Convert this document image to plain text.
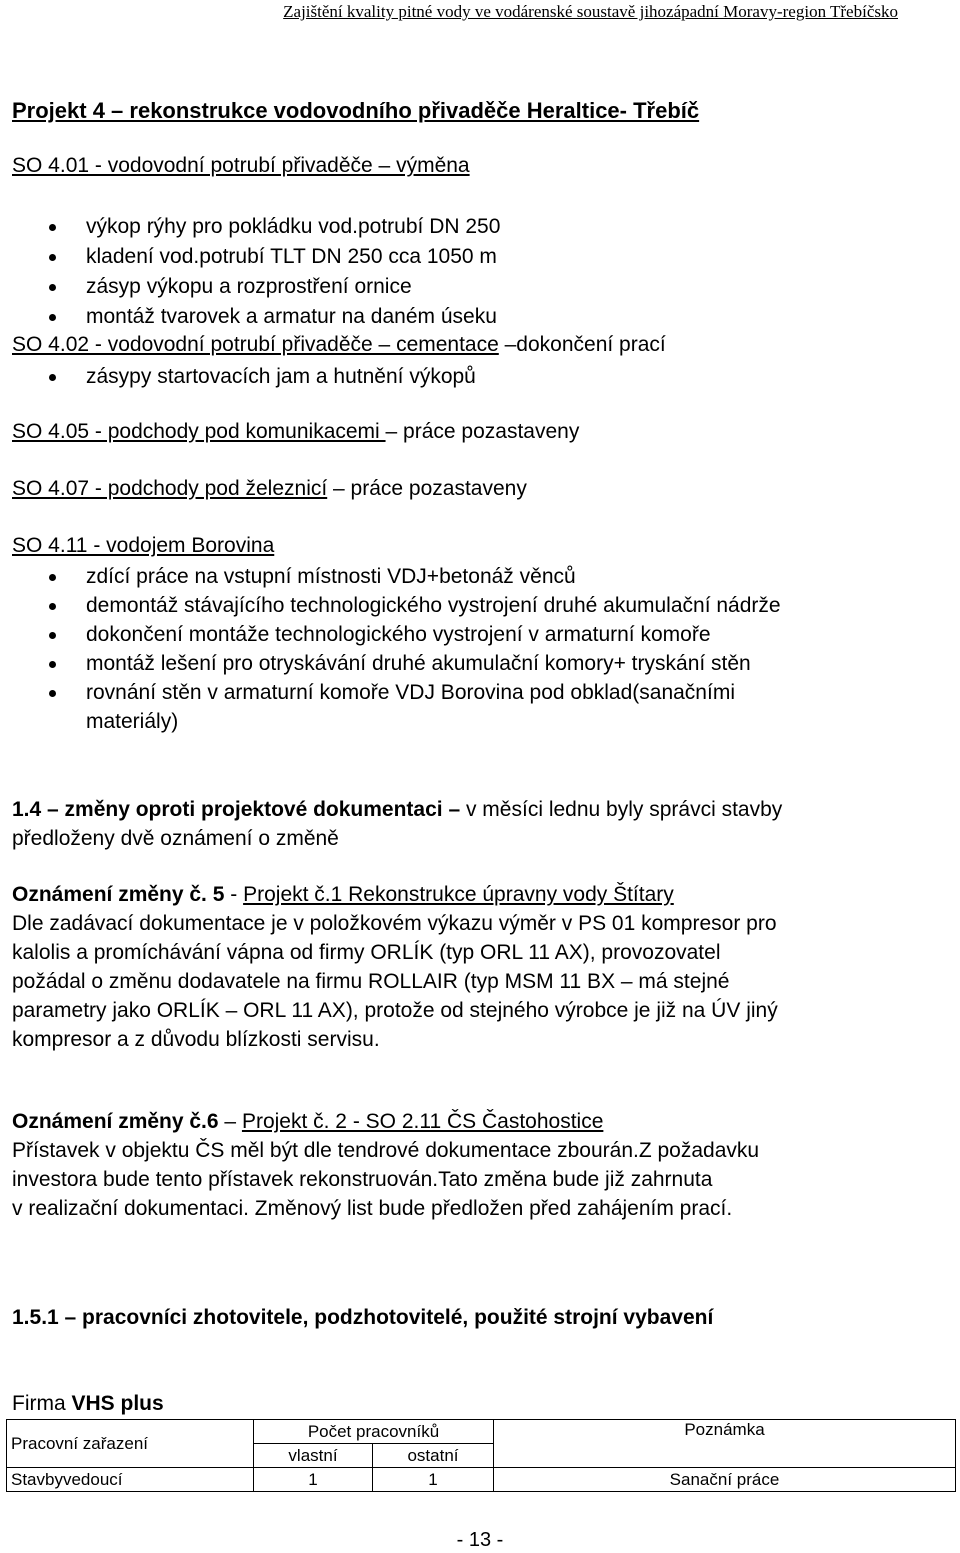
Zajištění kvality pitné vody ve vodárenské soustavě jihozápadní Moravy-region Třebíčsko
Projekt 4 – rekonstrukce vodovodního přivaděče Heraltice- Třebíč
SO 4.01 - vodovodní potrubí přivaděče – výměna
výkop rýhy pro pokládku vod.potrubí DN 250
kladení vod.potrubí TLT DN 250 cca 1050 m
zásyp výkopu a rozprostření ornice
montáž tvarovek a armatur na daném úseku
SO 4.02 - vodovodní potrubí přivaděče – cementace –dokončení prací
zásypy startovacích jam a hutnění výkopů
SO 4.05 - podchody pod komunikacemi – práce pozastaveny
SO 4.07 - podchody pod železnicí – práce pozastaveny
SO 4.11 - vodojem Borovina
zdící práce na vstupní místnosti VDJ+betonáž věnců
demontáž stávajícího technologického vystrojení druhé akumulační nádrže
dokončení montáže technologického vystrojení v armaturní komoře
montáž lešení pro otryskávání druhé akumulační komory+ tryskání stěn
rovnání stěn v armaturní komoře VDJ Borovina pod obklad(sanačními
materiály)
1.4 – změny oproti projektové dokumentaci – v měsíci lednu byly správci stavby
předloženy dvě oznámení o změně
Oznámení změny č. 5 - Projekt č.1 Rekonstrukce úpravny vody Štítary
Dle zadávací dokumentace je v položkovém výkazu výměr v PS 01 kompresor pro
kalolis a promíchávání vápna od firmy ORLÍK (typ ORL 11 AX), provozovatel
požádal o změnu dodavatele na firmu ROLLAIR (typ MSM 11 BX – má stejné
parametry jako ORLÍK – ORL 11 AX), protože od stejného výrobce je již na ÚV jiný
kompresor a z důvodu blízkosti servisu.
Oznámení změny č.6 – Projekt č. 2 - SO 2.11 ČS Častohostice
Přístavek v objektu ČS měl být dle tendrové dokumentace zbourán.Z požadavku
investora bude tento přístavek rekonstruován.Tato změna bude již zahrnuta
v realizační dokumentaci. Změnový list bude předložen před zahájením prací.
1.5.1 – pracovníci zhotovitele, podzhotovitelé, použité strojní vybavení
Firma VHS plus
Pracovní zařazení	Počet pracovníků		Poznámka
	vlastní	ostatní	
Stavbyvedoucí	1	1	Sanační práce
- 13 -
